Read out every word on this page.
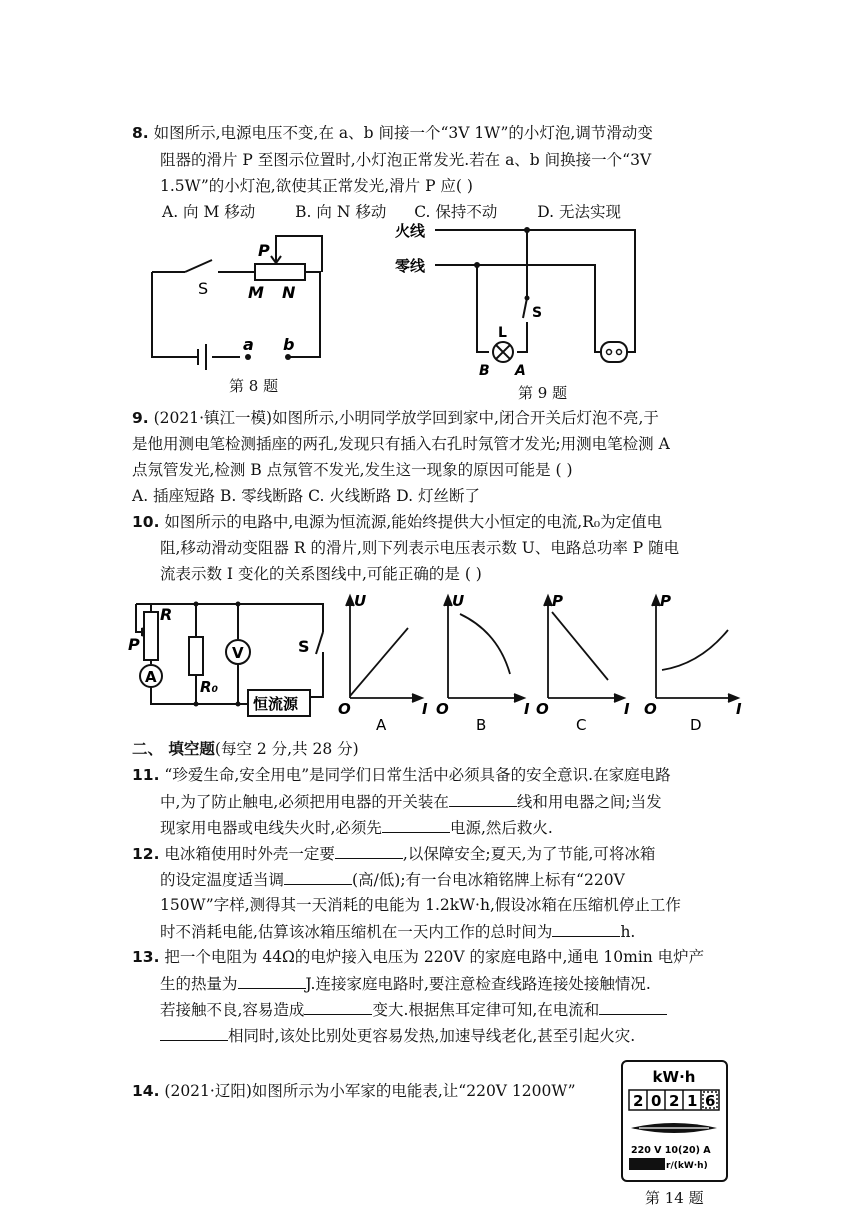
8. 如图所示,电源电压不变,在 a、b 间接一个“3V 1W”的小灯泡,调节滑动变
阻器的滑片 P 至图示位置时,小灯泡正常发光.若在 a、b 间换接一个“3V
1.5W”的小灯泡,欲使其正常发光,滑片 P 应( )
A. 向 M 移动	B. 向 N 移动 C. 保持不动	D. 无法实现
S
P
M N
a b
第 8 题
火线
零线
S
L
A
B
第 9 题
9. (2021·镇江一模)如图所示,小明同学放学回到家中,闭合开关后灯泡不亮,于
是他用测电笔检测插座的两孔,发现只有插入右孔时氖管才发光;用测电笔检测 A
点氖管发光,检测 B 点氖管不发光,发生这一现象的原因可能是 ( )
A. 插座短路 B. 零线断路 C. 火线断路 D. 灯丝断了
10. 如图所示的电路中,电源为恒流源,能始终提供大小恒定的电流,R₀为定值电
阻,移动滑动变阻器 R 的滑片,则下列表示电压表示数 U、电路总功率 P 随电
流表示数 I 变化的关系图线中,可能正确的是 ( )
R
P
A
V
R₀
S
恒流源
U
O	I
U
O	I
P
O	I
P
O	I
A	B	C	D
二、 填空题(每空 2 分,共 28 分)
11. “珍爱生命,安全用电”是同学们日常生活中必须具备的安全意识.在家庭电路
中,为了防止触电,必须把用电器的开关装在	线和用电器之间;当发
现家用电器或电线失火时,必须先	电源,然后救火.
12. 电冰箱使用时外壳一定要	,以保障安全;夏天,为了节能,可将冰箱
的设定温度适当调	(高/低);有一台电冰箱铭牌上标有“220V
150W”字样,测得其一天消耗的电能为 1.2kW·h,假设冰箱在压缩机停止工作
时不消耗电能,估算该冰箱压缩机在一天内工作的总时间为	h.
13. 把一个电阻为 44Ω的电炉接入电压为 220V 的家庭电路中,通电 10min 电炉产
生的热量为	J.连接家庭电路时,要注意检查线路连接处接触情况.
若接触不良,容易造成	变大.根据焦耳定律可知,在电流和
相同时,该处比别处更容易发热,加速导线老化,甚至引起火灾.
14. (2021·辽阳)如图所示为小军家的电能表,让“220V 1200W”
kW·h
2 0 2 1 6
220 V 10(20) A
r/(kW·h)
第 14 题
